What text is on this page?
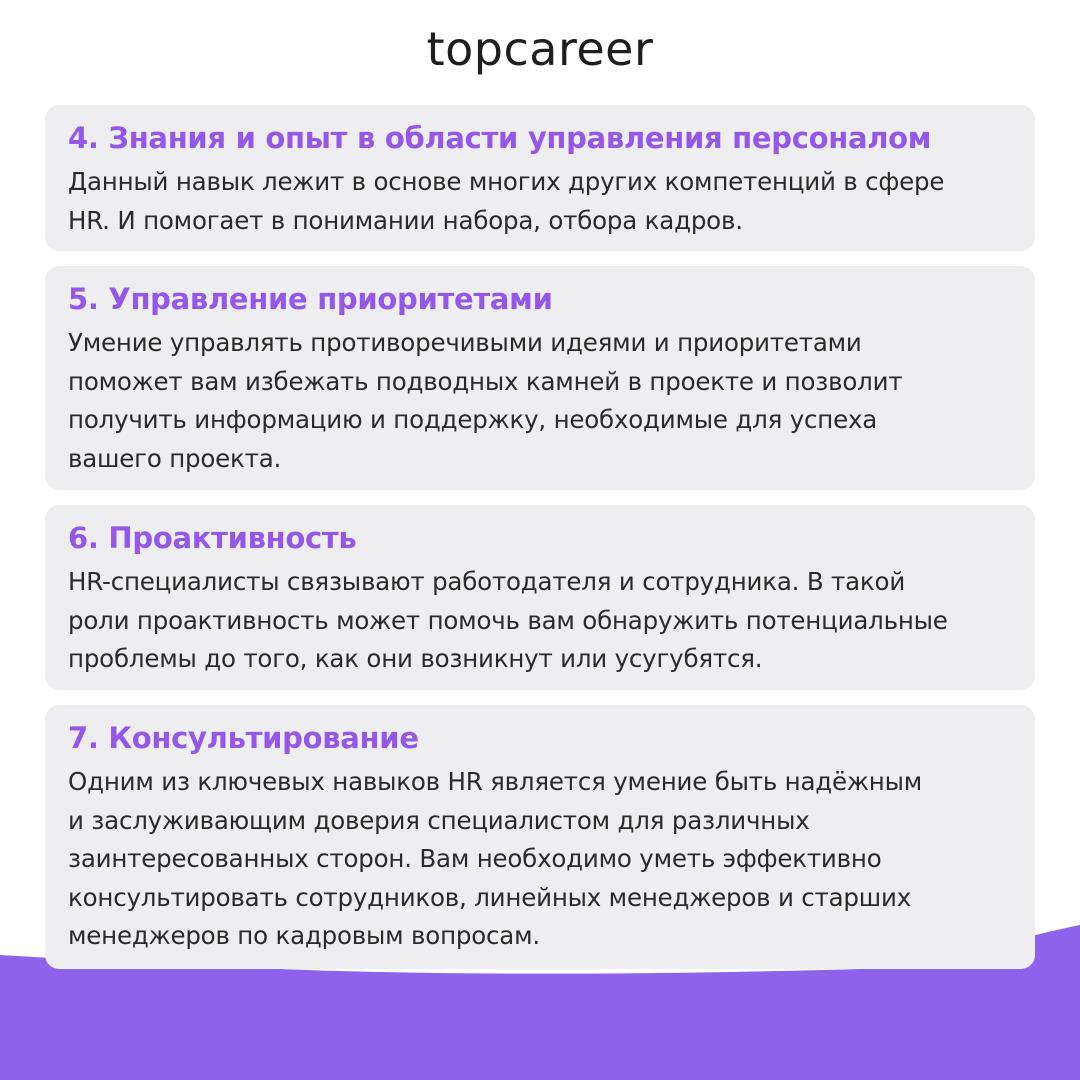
topcareer
4. Знания и опыт в области управления персоналом
Данный навык лежит в основе многих других компетенций в сфере
HR. И помогает в понимании набора, отбора кадров.
5. Управление приоритетами
Умение управлять противоречивыми идеями и приоритетами
поможет вам избежать подводных камней в проекте и позволит
получить информацию и поддержку, необходимые для успеха
вашего проекта.
6. Проактивность
HR-специалисты связывают работодателя и сотрудника. В такой
роли проактивность может помочь вам обнаружить потенциальные
проблемы до того, как они возникнут или усугубятся.
7. Консультирование
Одним из ключевых навыков HR является умение быть надёжным
и заслуживающим доверия специалистом для различных
заинтересованных сторон. Вам необходимо уметь эффективно
консультировать сотрудников, линейных менеджеров и старших
менеджеров по кадровым вопросам.
